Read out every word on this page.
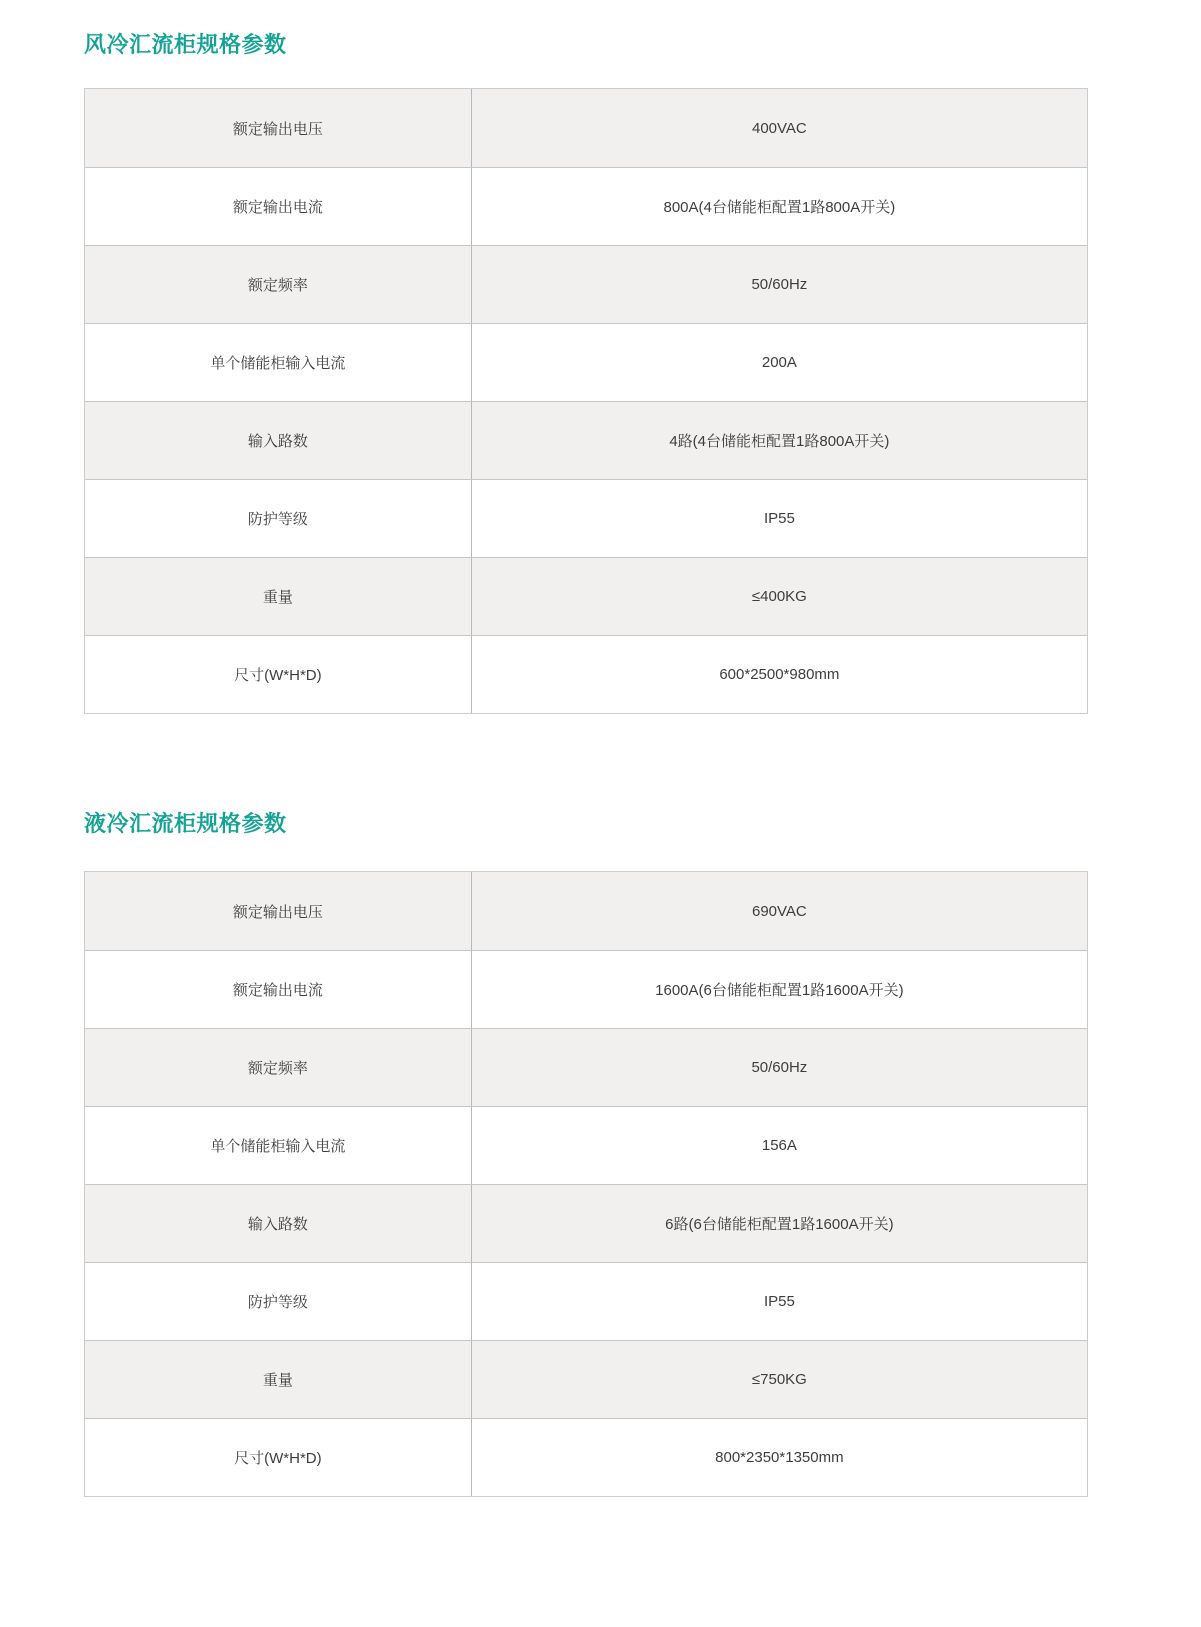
风冷汇流柜规格参数
额定输出电压	400VAC
额定输出电流	800A(4台储能柜配置1路800A开关)
额定频率	50/60Hz
单个储能柜输入电流	200A
输入路数	4路(4台储能柜配置1路800A开关)
防护等级	IP55
重量	≤400KG
尺寸(W*H*D)	600*2500*980mm
液冷汇流柜规格参数
额定输出电压	690VAC
额定输出电流	1600A(6台储能柜配置1路1600A开关)
额定频率	50/60Hz
单个储能柜输入电流	156A
输入路数	6路(6台储能柜配置1路1600A开关)
防护等级	IP55
重量	≤750KG
尺寸(W*H*D)	800*2350*1350mm
